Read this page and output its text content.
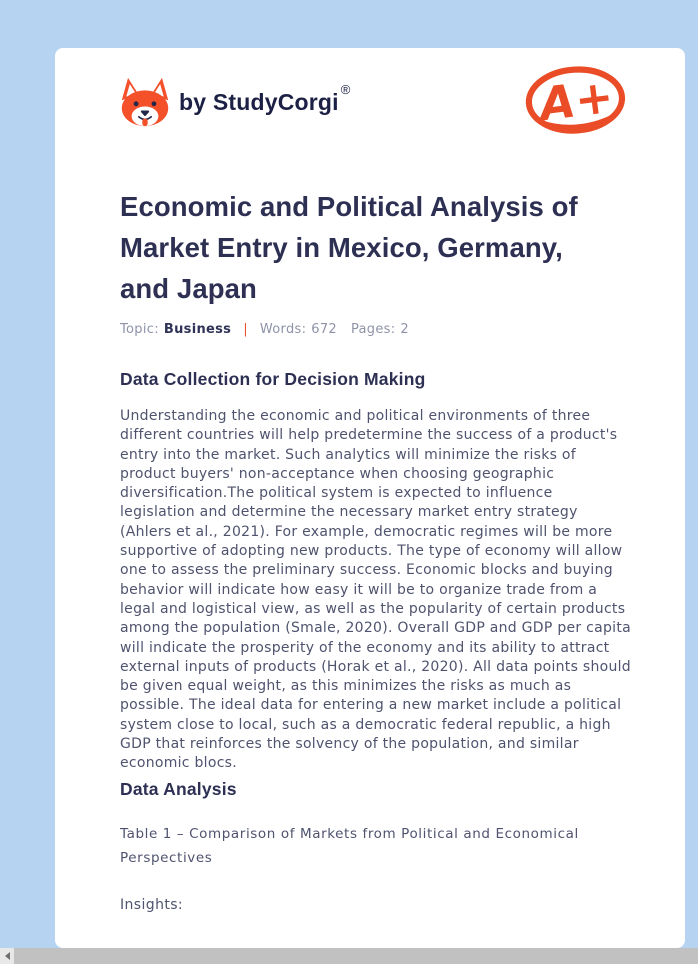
by StudyCorgi ®	A+
Economic and Political Analysis of
Market Entry in Mexico, Germany,
and Japan
Topic: Business | Words: 672 Pages: 2
Data Collection for Decision Making

Understanding the economic and political environments of three different countries will help predetermine the success of a product's entry into the market. Such analytics will minimize the risks of product buyers' non-acceptance when choosing geographic diversification.The political system is expected to influence legislation and determine the necessary market entry strategy (Ahlers et al., 2021). For example, democratic regimes will be more supportive of adopting new products. The type of economy will allow one to assess the preliminary success. Economic blocks and buying behavior will indicate how easy it will be to organize trade from a legal and logistical view, as well as the popularity of certain products among the population (Smale, 2020). Overall GDP and GDP per capita will indicate the prosperity of the economy and its ability to attract external inputs of products (Horak et al., 2020). All data points should be given equal weight, as this minimizes the risks as much as possible. The ideal data for entering a new market include a political system close to local, such as a democratic federal republic, a high GDP that reinforces the solvency of the population, and similar economic blocs.

Data Analysis
Table 1 – Comparison of Markets from Political and Economical Perspectives
Insights:
